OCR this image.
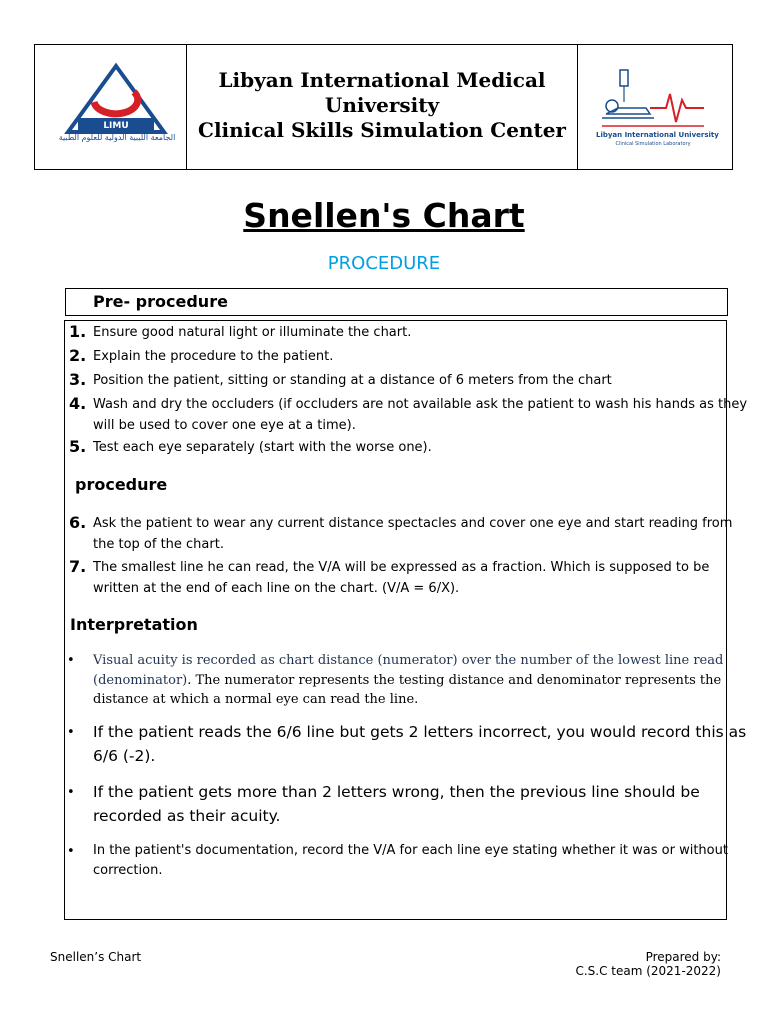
LIMU
الجامعة الليبية الدولية للعلوم الطبية
Libyan International Medical
University
Clinical Skills Simulation Center	Libyan International University
Clinical Simulation Laboratory
Snellen's Chart
PROCEDURE
Pre- procedure
1. Ensure good natural light or illuminate the chart.
2. Explain the procedure to the patient.
3. Position the patient, sitting or standing at a distance of 6 meters from the chart
4. Wash and dry the occluders (if occluders are not available ask the patient to wash his hands as they
will be used to cover one eye at a time).
5. Test each eye separately (start with the worse one).
procedure
6. Ask the patient to wear any current distance spectacles and cover one eye and start reading from
the top of the chart.
7. The smallest line he can read, the V/A will be expressed as a fraction. Which is supposed to be
written at the end of each line on the chart. (V/A = 6/X).
Interpretation
• Visual acuity is recorded as chart distance (numerator) over the number of the lowest line read
(denominator). The numerator represents the testing distance and denominator represents the
distance at which a normal eye can read the line.
• If the patient reads the 6/6 line but gets 2 letters incorrect, you would record this as
6/6 (-2).
• If the patient gets more than 2 letters wrong, then the previous line should be
recorded as their acuity.
• In the patient's documentation, record the V/A for each line eye stating whether it was or without
correction.
Snellen’s Chart	Prepared by:
C.S.C team (2021-2022)
